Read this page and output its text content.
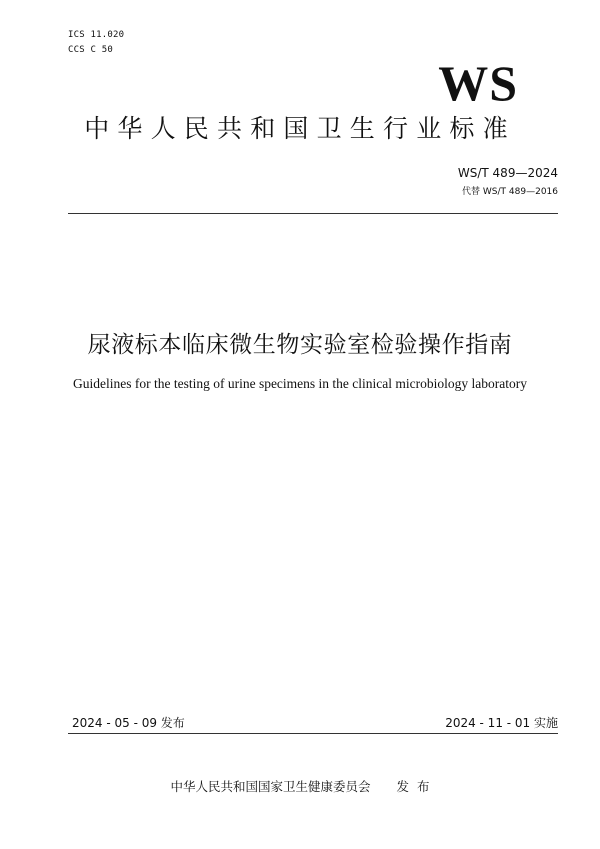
ICS 11.020
CCS C 50
WS
中华人民共和国卫生行业标准
WS/T 489—2024
代替 WS/T 489—2016
尿液标本临床微生物实验室检验操作指南
Guidelines for the testing of urine specimens in the clinical microbiology laboratory
2024 - 05 - 09 发布	2024 - 11 - 01 实施
中华人民共和国国家卫生健康委员会 发  布
